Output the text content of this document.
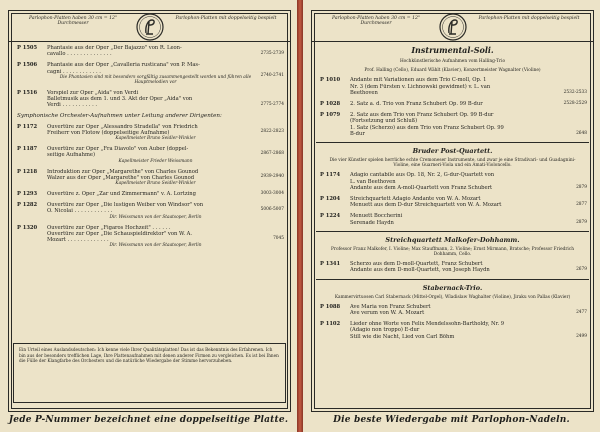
Parlophon-Platten haben 30 cm = 12" Durchmesser
Parlophon-Platten mit doppelseitig bespielt
P 1505 Phantasie aus der Oper „Der Bajazzo" von R. Leon-
cavallo . . . . . . . . . . . . . .	2735-2739
P 1506 Phantasie aus der Oper „Cavalleria rusticana" von P. Mas-
cagni . . . . . . . . . . . .
2740-2741
Die Phantasien sind mit besonders sorgfältig zusammengestellt worden und führen alle Hauptmelodien vor
P 1516 Vorspiel zur Oper „Aida" von Verdi
Balletmusik aus dem 1. und 3. Akt der Oper „Aida" von
Verdi . . . . . . . . . . .	2775-2774
Symphonische Orchester-Aufnahmen unter Leitung anderer Dirigenten:
P 1172 Ouvertüre zur Oper „Alessandro Stradella" von Friedrich
Freiherr von Flotow (doppelseitige Aufnahme)	2822-2823
Kapellmeister Bruno Seidler-Winkler
P 1187 Ouvertüre zur Oper „Fra Diavolo" von Auber (doppel-
seitige Aufnahme)	2867-2868
Kapellmeister Frieder Weissmann
P 1218 Introduktion zur Oper „Margarethe" von Charles Gounod
Walzer aus der Oper „Margarethe" von Charles Gounod	2939-2940
Kapellmeister Bruno Seidler-Winkler
P 1293 Ouvertüre z. Oper „Zar und Zimmermann" v. A. Lortzing	3003-3004
P 1282 Ouvertüre zur Oper „Die lustigen Weiber von Windsor" von
O. Nicolai . . . . . . . . . . . .	5006-5007
Dir. Weissmann von der Staatsoper, Berlin
P 1320 Ouvertüre zur Oper „Figaros Hochzeit" . . . . . .
Ouvertüre zur Oper „Die Schauspieldirektor" von W. A.
Mozart . . . . . . . . . . . . .	7045
Dir. Weissmann von der Staatsoper, Berlin
Ein Urteil eines Auslandsdeutschen: Ich kenne viele Ihrer Qualitätsplatten! Das ist das Bekenntnis des Erfahrenen. Ich bin aus der besonders trefflichen Lage, Ihre Plattenaufnahmen mit denen anderer Firmen zu vergleichen. Es ist bei Ihnen die Fülle der Klangfarbe des Orchesters und die natürliche Wiedergabe der Stimme hervorzuheben.
Jede P-Nummer bezeichnet eine doppelseitige Platte.
Parlophon-Platten haben 30 cm = 12" Durchmesser
Parlophon-Platten mit doppelseitig bespielt
Instrumental-Soli.
Hochkünstlerische Aufnahmen vom Halling-Trio
Prof. Halling (Cello), Eduard Wählt (Klavier), Konzertmeister Wagnalter (Violine)
P 1010 Andante mit Variationen aus dem Trio C-moll, Op. 1
Nr. 3 (dem Fürsten v. Lichnowski gewidmet) v. L. van
Beethoven	2532-2533
P 1028 2. Satz a. d. Trio von Franz Schubert Op. 99 B-dur	2528-2529
P 1079 2. Satz aus dem Trio von Franz Schubert Op. 99 B-dur
(Fortsetzung und Schluß)
1. Satz (Scherzo) aus dem Trio von Franz Schubert Op. 99
B-dur	2648
Bruder Post-Quartett.
Die vier Künstler spielen herrliche echte Cremoneser Instrumente, und zwar je eine Stradivari- und Guadagnini-Violine, eine Guarneri-Viola und ein Amati-Violoncello.
P 1174 Adagio cantabile aus Op. 18, Nr. 2, G-dur-Quartett von
L. van Beethoven
Andante aus dem A-moll-Quartett von Franz Schubert	2879
P 1204 Streichquartett Adagio Andante von W. A. Mozart
Menuett aus dem D-dur Streichquartett von W. A. Mozart	2877
P 1224 Menuett Boccherini
Serenade Haydn	2879
Streichquartett Malkofer-Dohhamm.
Professor Franz Malkofer, I. Violine; Max Stauffmann, 2. Violine; Ernst Mirmann, Bratsche; Professor Friedrich Dohhamm, Cello.
P 1341 Scherzo aus dem D-moll-Quartett, Franz Schubert
Andante aus dem D-moll-Quartett, von Joseph Haydn	2679
Stabernack-Trio.
Kammervirtuosen Carl Stabernack (Mittel-Orgel), Wladislaw Waghalter (Violine), Jiraku von Pallas (Klavier)
P 1088 Ave Maria von Franz Schubert
Ave verum von W. A. Mozart	2477
P 1102 Lieder ohne Worte von Felix Mendelssohn-Bartholdy, Nr. 9
(Adagio non troppo) E-dur
Still wie die Nacht, Lied von Carl Böhm	2499
Die beste Wiedergabe mit Parlophon-Nadeln.
